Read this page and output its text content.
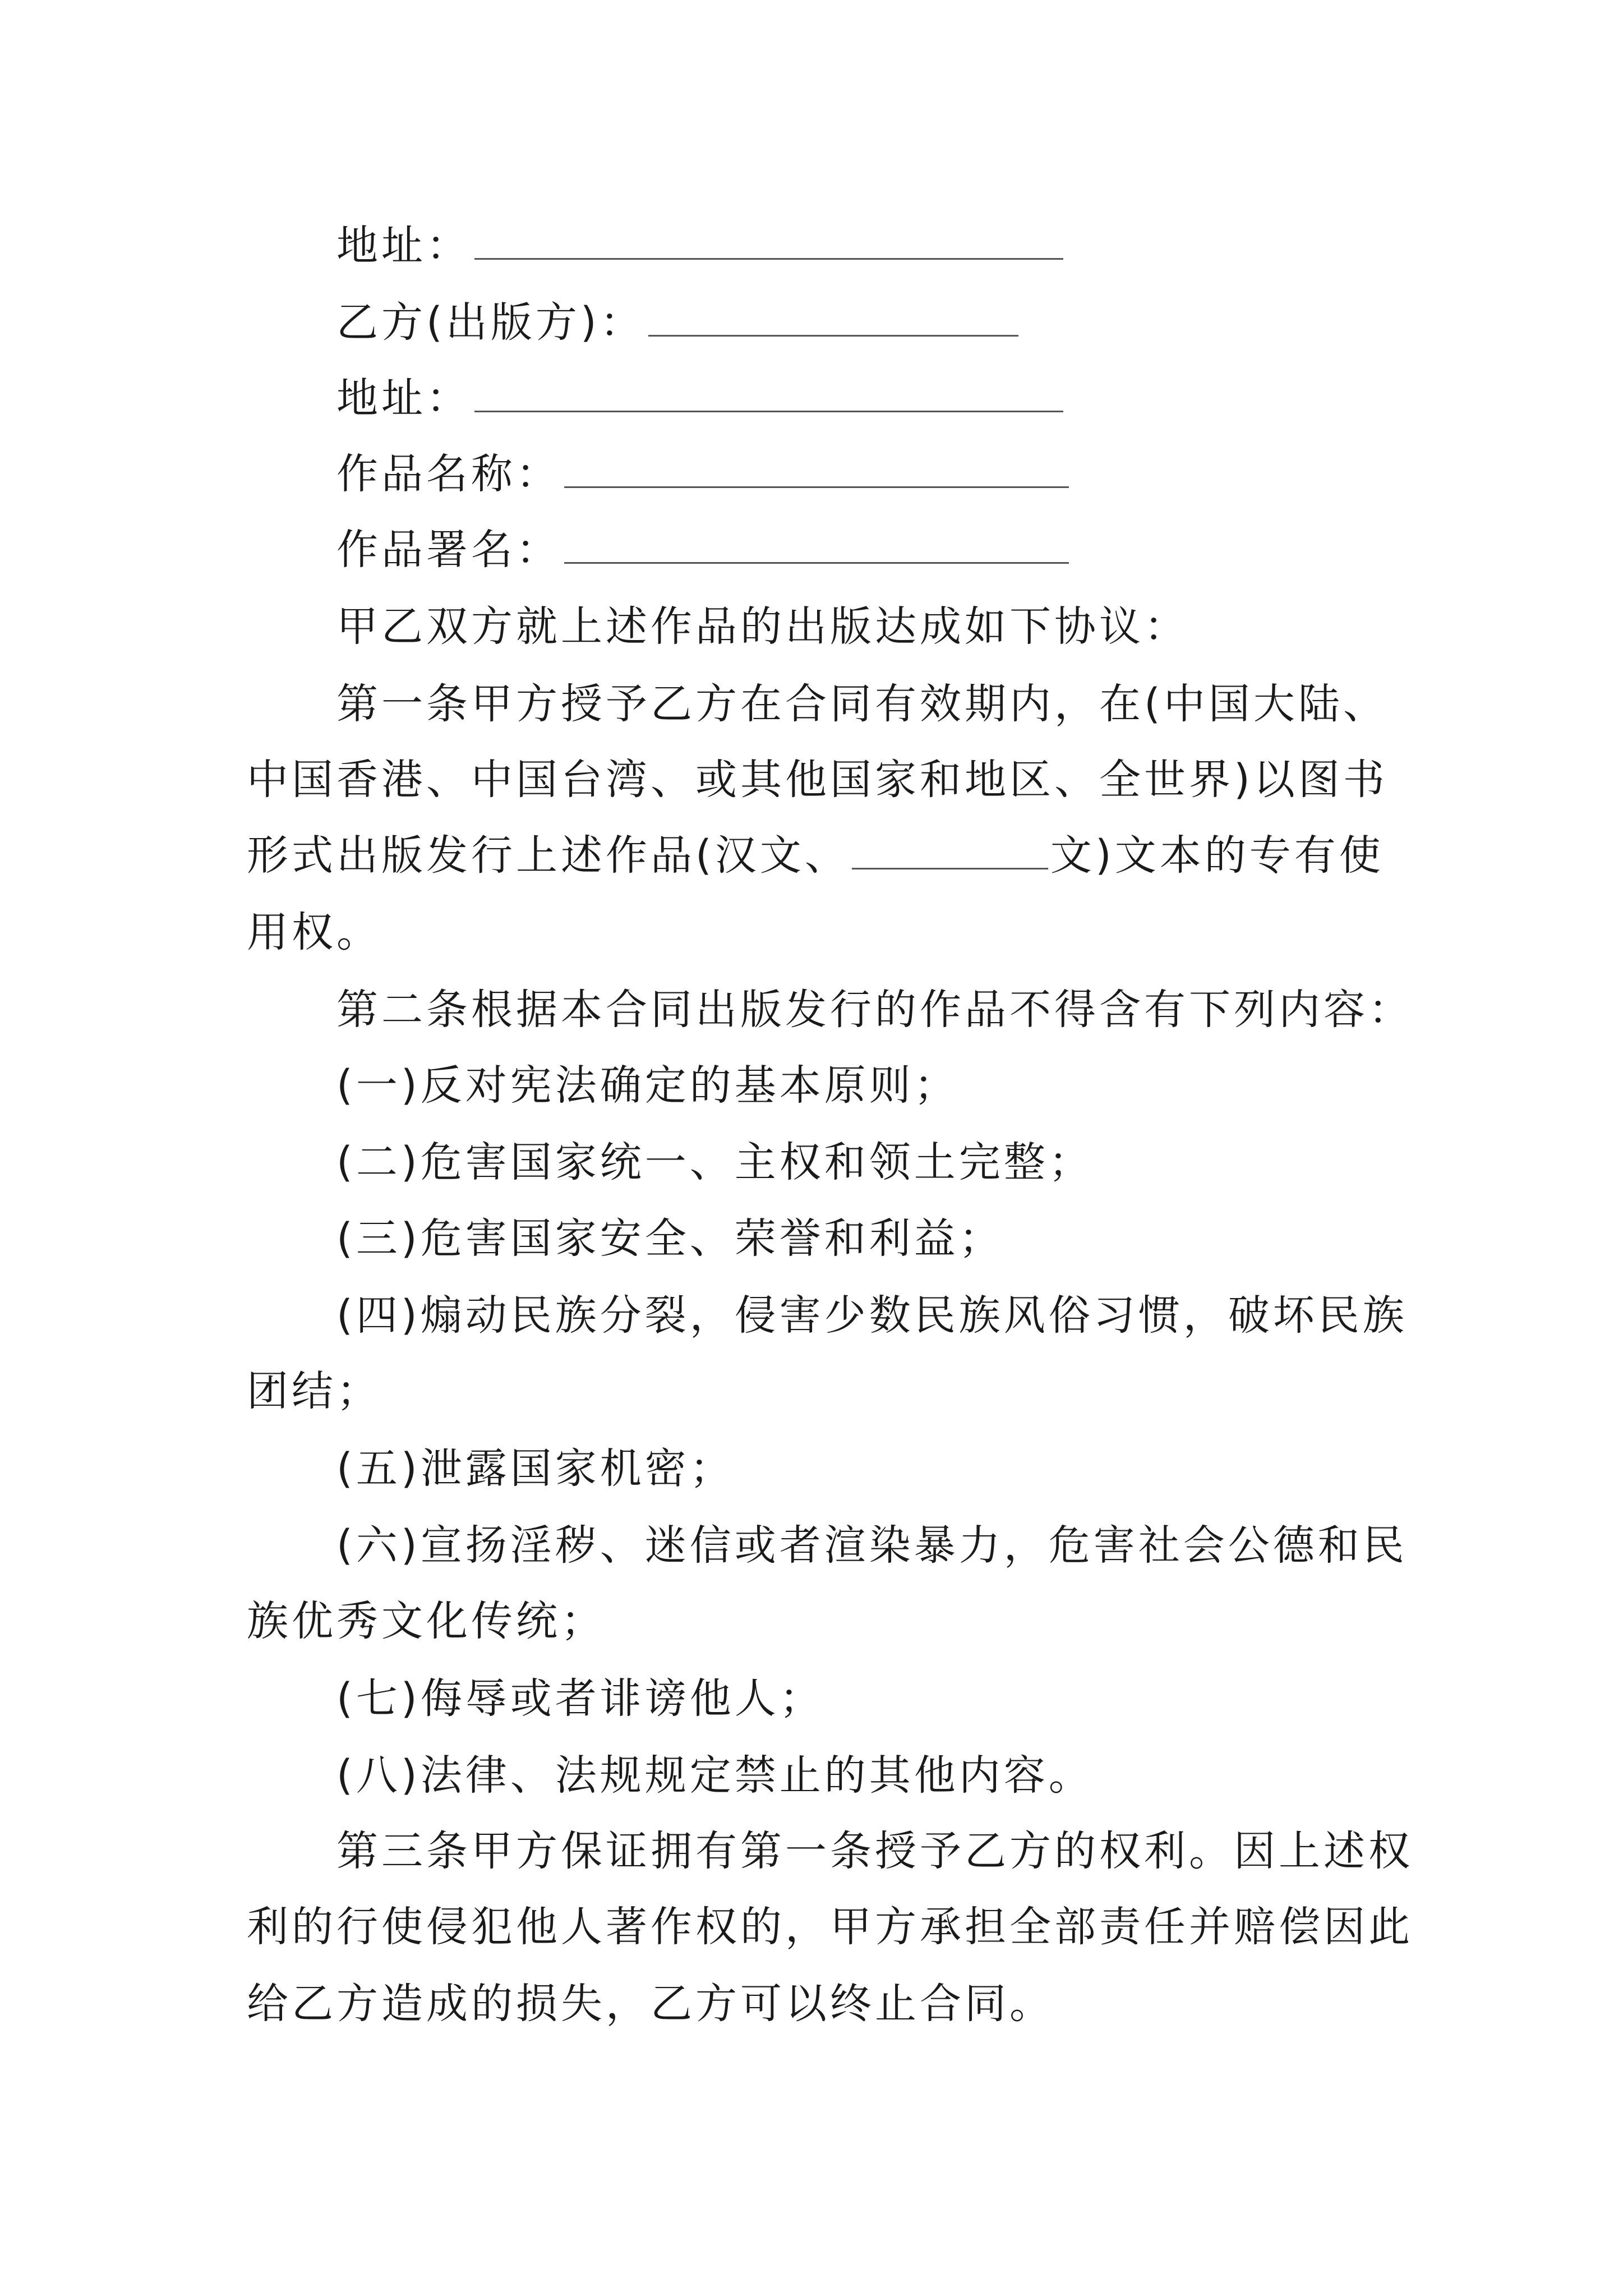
地址：
乙方(出版方)：
地址：
作品名称：
作品署名：
甲乙双方就上述作品的出版达成如下协议：
第一条甲方授予乙方在合同有效期内，在(中国大陆、
中国香港、中国台湾、或其他国家和地区、全世界)以图书
形式出版发行上述作品(汉文、	文)文本的专有使
用权。
第二条根据本合同出版发行的作品不得含有下列内容：
(一)反对宪法确定的基本原则；
(二)危害国家统一、主权和领土完整；
(三)危害国家安全、荣誉和利益；
(四)煽动民族分裂，侵害少数民族风俗习惯，破坏民族
团结；
(五)泄露国家机密；
(六)宣扬淫秽、迷信或者渲染暴力，危害社会公德和民
族优秀文化传统；
(七)侮辱或者诽谤他人；
(八)法律、法规规定禁止的其他内容。
第三条甲方保证拥有第一条授予乙方的权利。因上述权
利的行使侵犯他人著作权的，甲方承担全部责任并赔偿因此
给乙方造成的损失，乙方可以终止合同。
